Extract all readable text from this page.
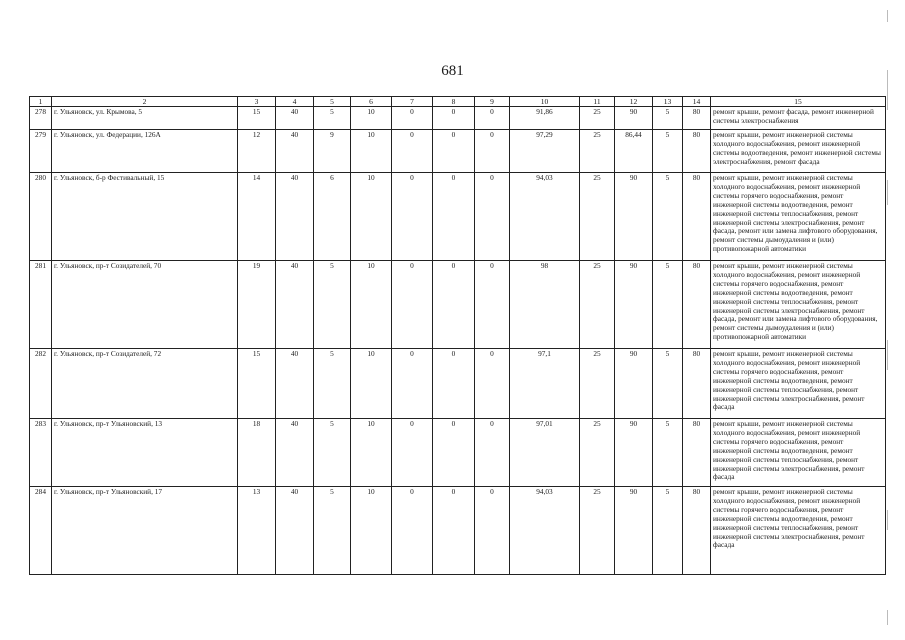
681
1	2	3	4	5	6	7	8	9	10	11	12	13	14	15
278	г. Ульяновск, ул. Крымова, 5	15	40	5	10	0	0	0	91,86	25	90	5	80	ремонт крыши, ремонт фасада, ремонт инженерной системы электроснабжения
279	г. Ульяновск, ул. Федерации, 126А	12	40	9	10	0	0	0	97,29	25	86,44	5	80	ремонт крыши, ремонт инженерной системы холодного водоснабжения, ремонт инженерной системы водоотведения, ремонт инженерной системы электроснабжения, ремонт фасада
280	г. Ульяновск, б-р Фестивальный, 15	14	40	6	10	0	0	0	94,03	25	90	5	80	ремонт крыши, ремонт инженерной системы холодного водоснабжения, ремонт инженерной системы горячего водоснабжения, ремонт инженерной системы водоотведения, ремонт инженерной системы теплоснабжения, ремонт инженерной системы электроснабжения, ремонт фасада, ремонт или замена лифтового оборудования, ремонт системы дымоудаления и (или) противопожарной автоматики
281	г. Ульяновск, пр-т Созидателей, 70	19	40	5	10	0	0	0	98	25	90	5	80	ремонт крыши, ремонт инженерной системы холодного водоснабжения, ремонт инженерной системы горячего водоснабжения, ремонт инженерной системы водоотведения, ремонт инженерной системы теплоснабжения, ремонт инженерной системы электроснабжения, ремонт фасада, ремонт или замена лифтового оборудования, ремонт системы дымоудаления и (или) противопожарной автоматики
282	г. Ульяновск, пр-т Созидателей, 72	15	40	5	10	0	0	0	97,1	25	90	5	80	ремонт крыши, ремонт инженерной системы холодного водоснабжения, ремонт инженерной системы горячего водоснабжения, ремонт инженерной системы водоотведения, ремонт инженерной системы теплоснабжения, ремонт инженерной системы электроснабжения, ремонт фасада
283	г. Ульяновск, пр-т Ульяновский, 13	18	40	5	10	0	0	0	97,01	25	90	5	80	ремонт крыши, ремонт инженерной системы холодного водоснабжения, ремонт инженерной системы горячего водоснабжения, ремонт инженерной системы водоотведения, ремонт инженерной системы теплоснабжения, ремонт инженерной системы электроснабжения, ремонт фасада
284	г. Ульяновск, пр-т Ульяновский, 17	13	40	5	10	0	0	0	94,03	25	90	5	80	ремонт крыши, ремонт инженерной системы холодного водоснабжения, ремонт инженерной системы горячего водоснабжения, ремонт инженерной системы водоотведения, ремонт инженерной системы теплоснабжения, ремонт инженерной системы электроснабжения, ремонт фасада
